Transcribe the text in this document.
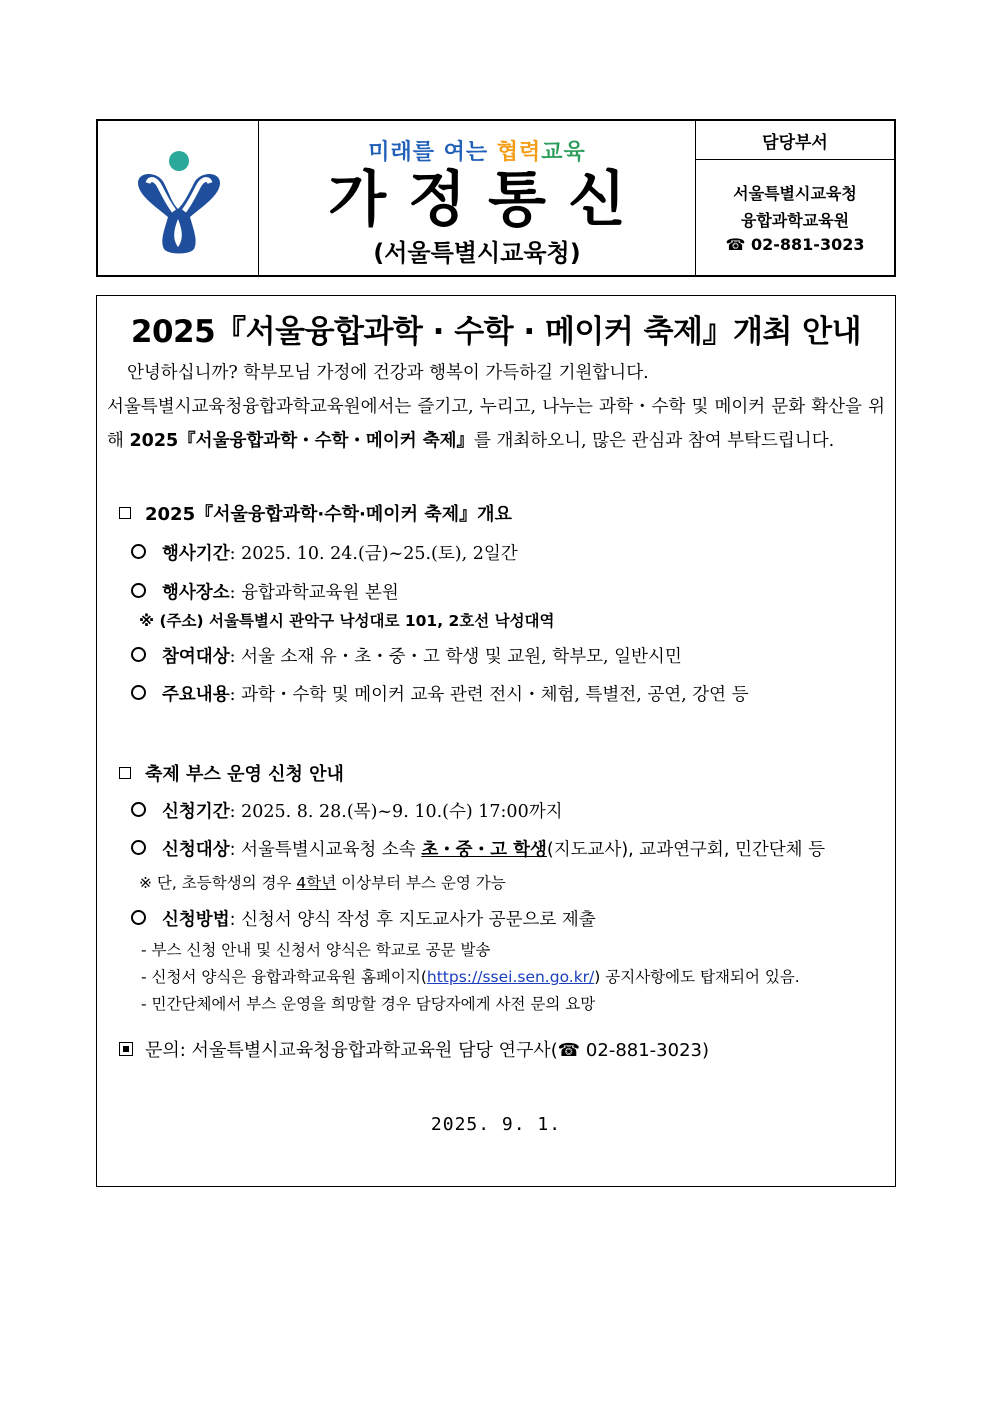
미래를 여는 협력교육
가정통신
(서울특별시교육청)
담당부서
서울특별시교육청
융합과학교육원
☎ 02-881-3023
2025『서울융합과학 · 수학 · 메이커 축제』개최 안내
안녕하십니까? 학부모님 가정에 건강과 행복이 가득하길 기원합니다.
서울특별시교육청융합과학교육원에서는 즐기고, 누리고, 나누는 과학・수학 및 메이커 문화 확산을 위해 2025『서울융합과학・수학・메이커 축제』를 개최하오니, 많은 관심과 참여 부탁드립니다.
2025『서울융합과학·수학·메이커 축제』개요
행사기간: 2025. 10. 24.(금)~25.(토), 2일간
행사장소: 융합과학교육원 본원
※ (주소) 서울특별시 관악구 낙성대로 101, 2호선 낙성대역
참여대상: 서울 소재 유・초・중・고 학생 및 교원, 학부모, 일반시민
주요내용: 과학・수학 및 메이커 교육 관련 전시・체험, 특별전, 공연, 강연 등
축제 부스 운영 신청 안내
신청기간: 2025. 8. 28.(목)~9. 10.(수) 17:00까지
신청대상: 서울특별시교육청 소속 초・중・고 학생(지도교사), 교과연구회, 민간단체 등
※ 단, 초등학생의 경우 4학년 이상부터 부스 운영 가능
신청방법: 신청서 양식 작성 후 지도교사가 공문으로 제출
- 부스 신청 안내 및 신청서 양식은 학교로 공문 발송
- 신청서 양식은 융합과학교육원 홈페이지(https://ssei.sen.go.kr/) 공지사항에도 탑재되어 있음.
- 민간단체에서 부스 운영을 희망할 경우 담당자에게 사전 문의 요망
문의: 서울특별시교육청융합과학교육원 담당 연구사(☎ 02-881-3023)
2025. 9. 1.
